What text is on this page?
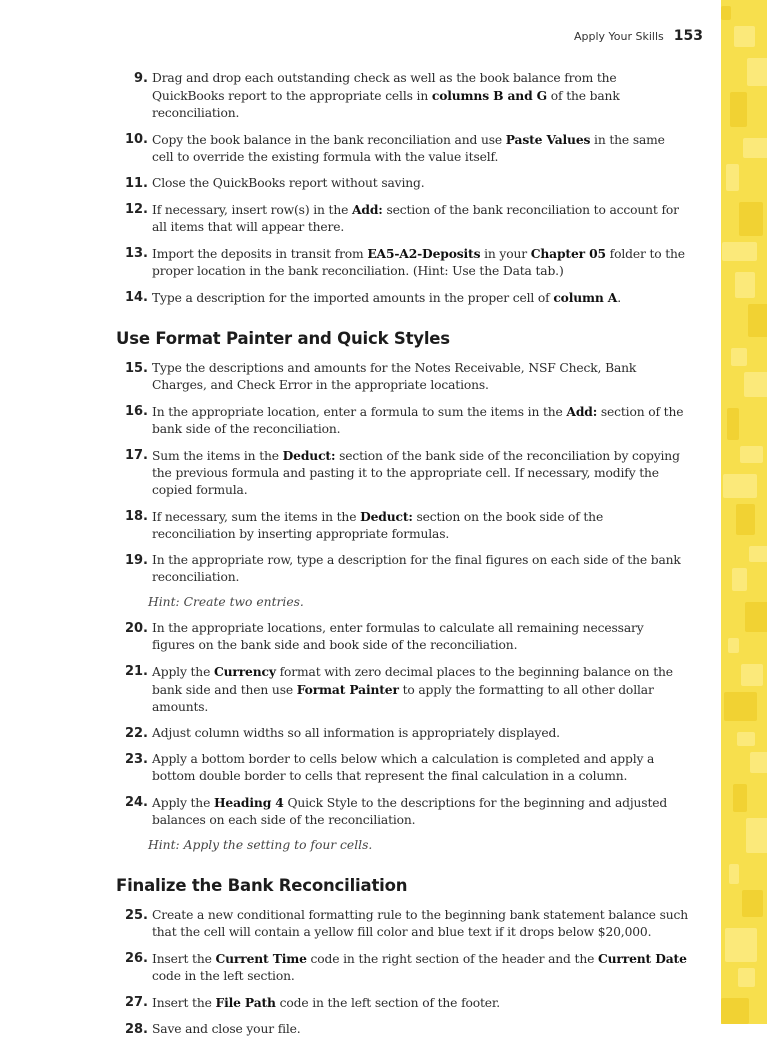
Apply Your Skills 153
9. Drag and drop each outstanding check as well as the book balance from the QuickBooks report to the appropriate cells in columns B and G of the bank reconciliation.
10. Copy the book balance in the bank reconciliation and use Paste Values in the same cell to override the existing formula with the value itself.
11. Close the QuickBooks report without saving.
12. If necessary, insert row(s) in the Add: section of the bank reconciliation to account for all items that will appear there.
13. Import the deposits in transit from EA5-A2-Deposits in your Chapter 05 folder to the proper location in the bank reconciliation. (Hint: Use the Data tab.)
14. Type a description for the imported amounts in the proper cell of column A.
Use Format Painter and Quick Styles
15. Type the descriptions and amounts for the Notes Receivable, NSF Check, Bank Charges, and Check Error in the appropriate locations.
16. In the appropriate location, enter a formula to sum the items in the Add: section of the bank side of the reconciliation.
17. Sum the items in the Deduct: section of the bank side of the reconciliation by copying the previous formula and pasting it to the appropriate cell. If necessary, modify the copied formula.
18. If necessary, sum the items in the Deduct: section on the book side of the reconciliation by inserting appropriate formulas.
19. In the appropriate row, type a description for the final figures on each side of the bank reconciliation.
Hint: Create two entries.
20. In the appropriate locations, enter formulas to calculate all remaining necessary figures on the bank side and book side of the reconciliation.
21. Apply the Currency format with zero decimal places to the beginning balance on the bank side and then use Format Painter to apply the formatting to all other dollar amounts.
22. Adjust column widths so all information is appropriately displayed.
23. Apply a bottom border to cells below which a calculation is completed and apply a bottom double border to cells that represent the final calculation in a column.
24. Apply the Heading 4 Quick Style to the descriptions for the beginning and adjusted balances on each side of the reconciliation.
Hint: Apply the setting to four cells.
Finalize the Bank Reconciliation
25. Create a new conditional formatting rule to the beginning bank statement balance such that the cell will contain a yellow fill color and blue text if it drops below $20,000.
26. Insert the Current Time code in the right section of the header and the Current Date code in the left section.
27. Insert the File Path code in the left section of the footer.
28. Save and close your file.
